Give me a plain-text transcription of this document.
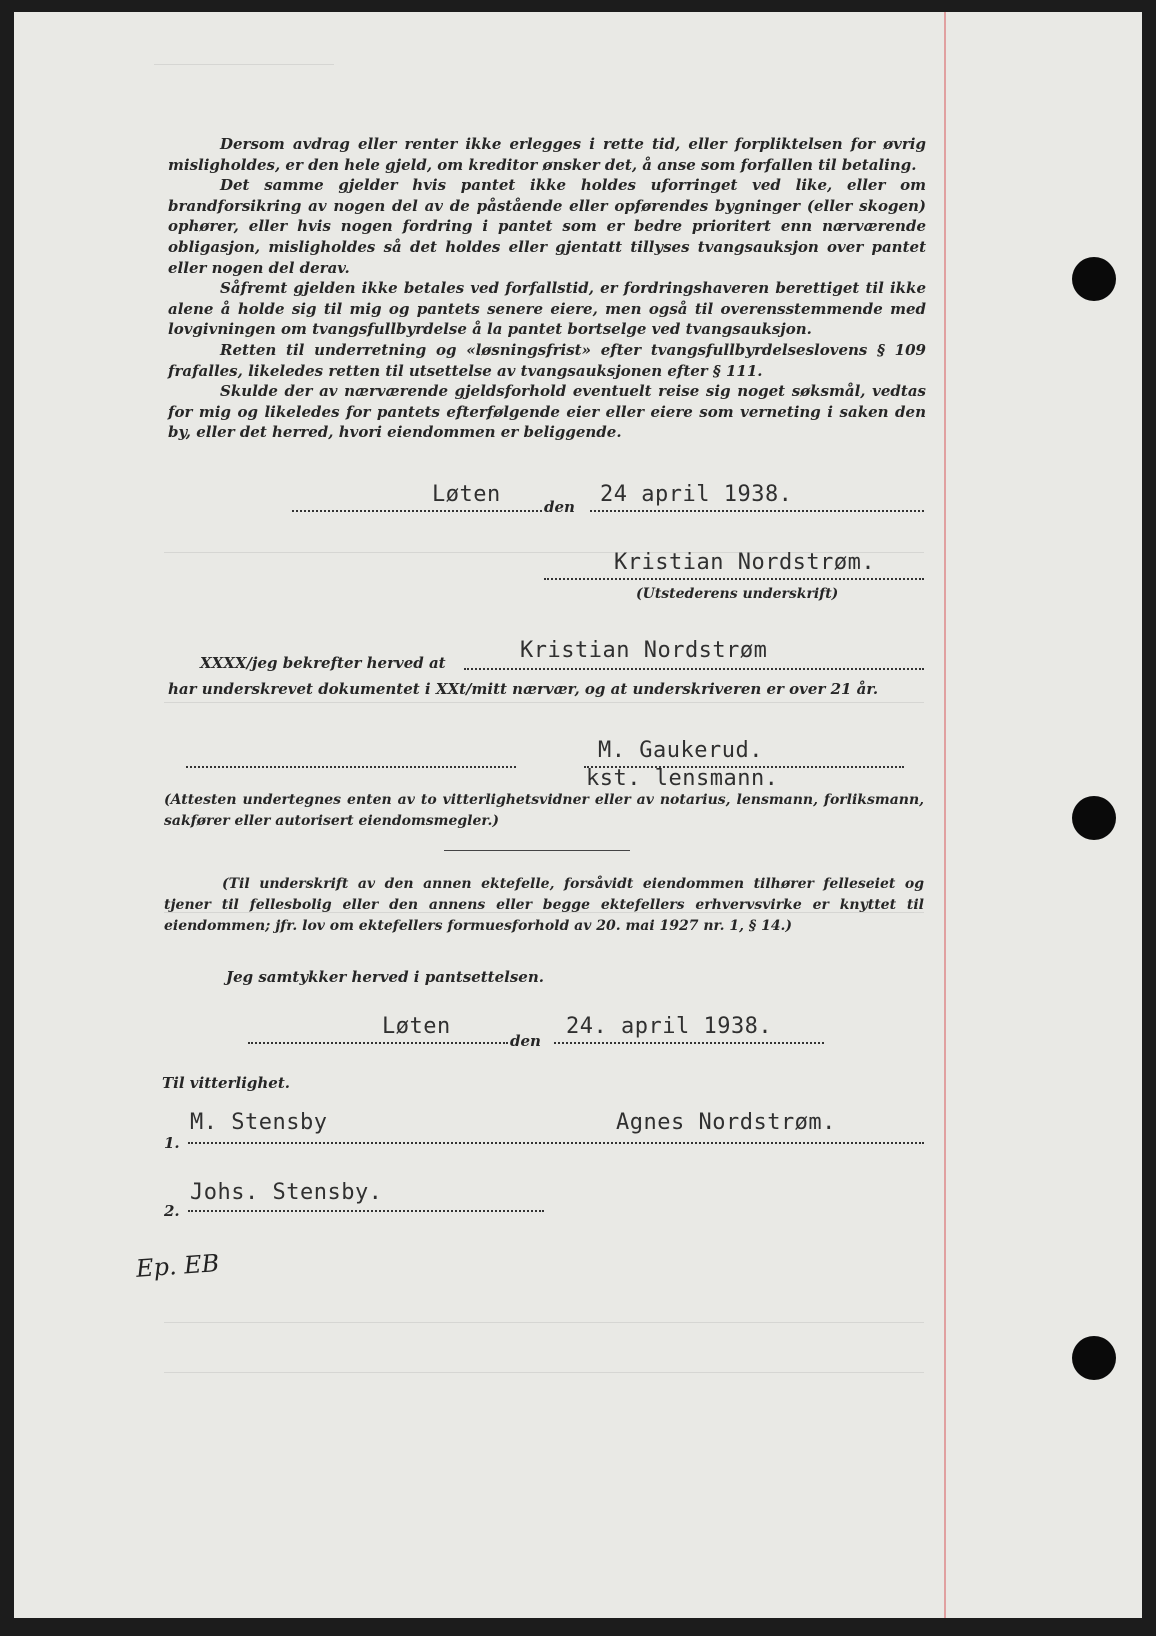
Dersom avdrag eller renter ikke erlegges i rette tid, eller forpliktelsen for øvrig misligholdes, er den hele gjeld, om kreditor ønsker det, å anse som forfallen til betaling.

Det samme gjelder hvis pantet ikke holdes uforringet ved like, eller om brandforsikring av nogen del av de påstående eller opførendes bygninger (eller skogen) ophører, eller hvis nogen fordring i pantet som er bedre prioritert enn nærværende obligasjon, misligholdes så det holdes eller gjentatt tillyses tvangsauksjon over pantet eller nogen del derav.

Såfremt gjelden ikke betales ved forfallstid, er fordringshaveren berettiget til ikke alene å holde sig til mig og pantets senere eiere, men også til overensstemmende med lovgivningen om tvangsfullbyrdelse å la pantet bortselge ved tvangsauksjon.

Retten til underretning og «løsningsfrist» efter tvangsfullbyrdelseslovens § 109 frafalles, likeledes retten til utsettelse av tvangsauksjonen efter § 111.

Skulde der av nærværende gjeldsforhold eventuelt reise sig noget søksmål, vedtas for mig og likeledes for pantets efterfølgende eier eller eiere som verneting i saken den by, eller det herred, hvori eiendommen er beliggende.

Løten	den 24 april 1938.
Kristian Nordstrøm.
(Utstederens underskrift)
XXXX/jeg bekrefter herved at	Kristian Nordstrøm
har underskrevet dokumentet i XXt/mitt nærvær, og at underskriveren er over 21 år.
M. Gaukerud.
kst. lensmann.
(Attesten undertegnes enten av to vitterlighetsvidner eller av notarius, lensmann, forliksmann, sakfører eller autorisert eiendomsmegler.)
(Til underskrift av den annen ektefelle, forsåvidt eiendommen tilhører felleseiet og tjener til fellesbolig eller den annens eller begge ektefellers erhvervsvirke er knyttet til eiendommen; jfr. lov om ektefellers formuesforhold av 20. mai 1927 nr. 1, § 14.)
Jeg samtykker herved i pantsettelsen.
Løten
den
24. april 1938.
Til vitterlighet.
1.
M. Stensby	Agnes Nordstrøm.
2.
Johs. Stensby.
Ep. EB
